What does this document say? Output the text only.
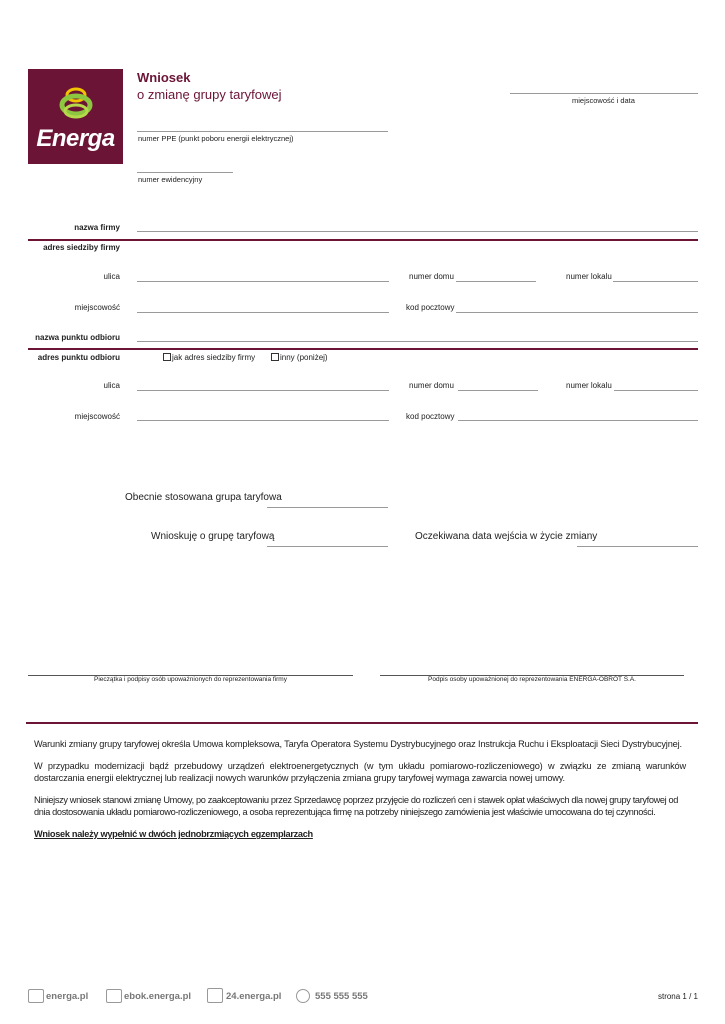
Energa
Wniosek
o zmianę grupy taryfowej	miejscowość i data
numer PPE (punkt poboru energii elektrycznej)
numer ewidencyjny
nazwa firmy
adres siedziby firmy
ulica	numer domu	numer lokalu
miejscowość	kod pocztowy
nazwa punktu odbioru
adres punktu odbioru	jak adres siedziby firmy	inny (poniżej)
ulica	numer domu	numer lokalu
miejscowość	kod pocztowy
Obecnie stosowana grupa taryfowa
Wnioskuję o grupę taryfową	Oczekiwana data wejścia w życie zmiany
Pieczątka i podpisy osób upoważnionych do reprezentowania firmy	Podpis osoby upoważnionej do reprezentowania ENERGA-OBRÓT S.A.
Warunki zmiany grupy taryfowej określa Umowa kompleksowa, Taryfa Operatora Systemu Dystrybucyjnego oraz Instrukcja Ruchu i Eksploatacji Sieci Dystrybucyjnej.
W przypadku modernizacji bądź przebudowy urządzeń elektroenergetycznych (w tym układu pomiarowo-rozliczeniowego) w związku ze zmianą warunków dostarczania energii elektrycznej lub realizacji nowych warunków przyłączenia zmiana grupy taryfowej wymaga zawarcia nowej umowy.
Niniejszy wniosek stanowi zmianę Umowy, po zaakceptowaniu przez Sprzedawcę poprzez przyjęcie do rozliczeń cen i stawek opłat właściwych dla nowej grupy taryfowej od dnia dostosowania układu pomiarowo-rozliczeniowego, a osoba reprezentująca firmę na potrzeby niniejszego zamówienia jest właściwie umocowana do tej czynności.
Wniosek należy wypełnić w dwóch jednobrzmiących egzemplarzach
energa.pl	ebok.energa.pl	24.energa.pl	555 555 555	strona 1 / 1
